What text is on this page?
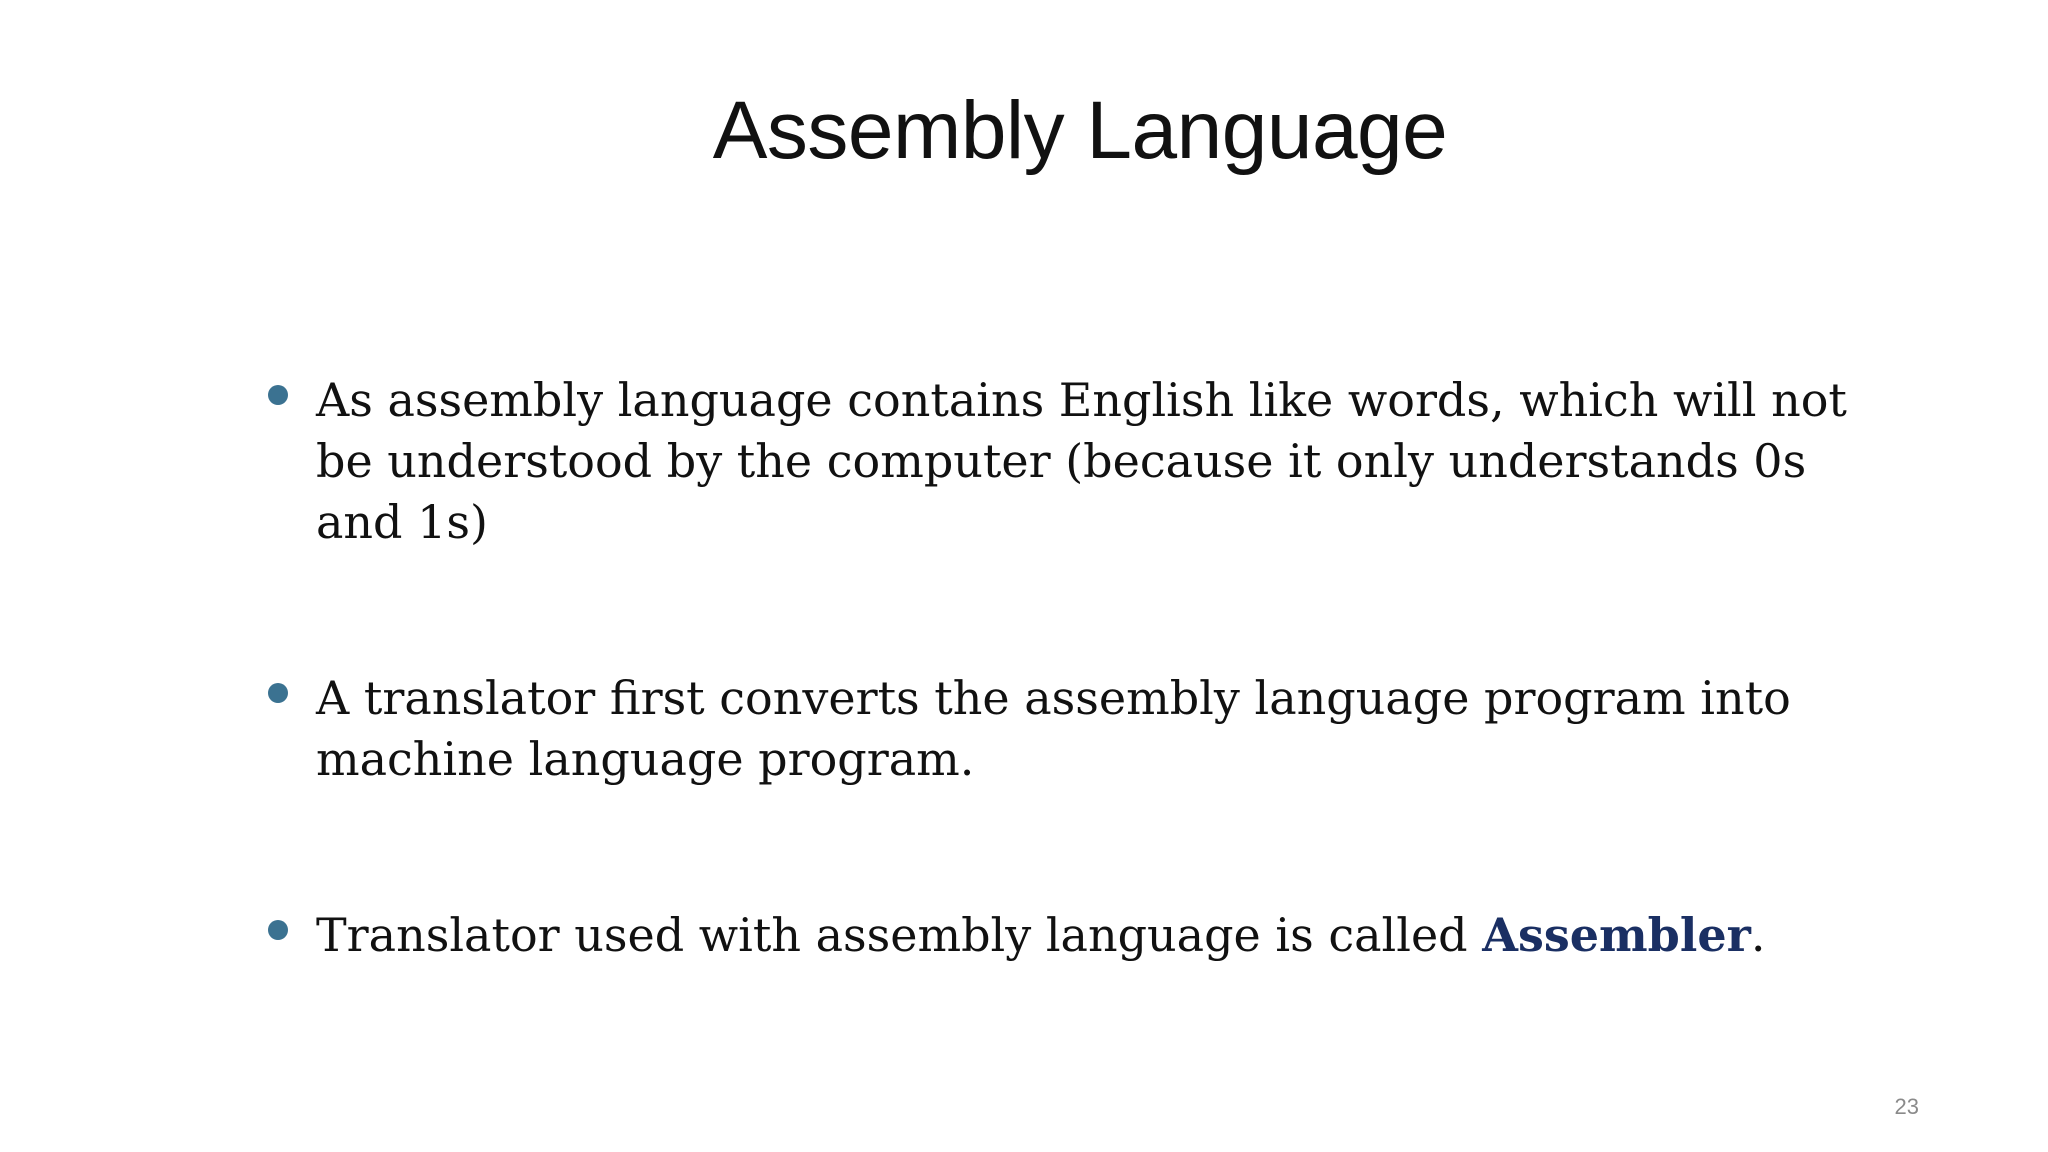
Assembly Language
As assembly language contains English like words, which will not be understood by the computer (because it only understands 0s and 1s)
A translator first converts the assembly language program into machine language program.
Translator used with assembly language is called Assembler.
23
